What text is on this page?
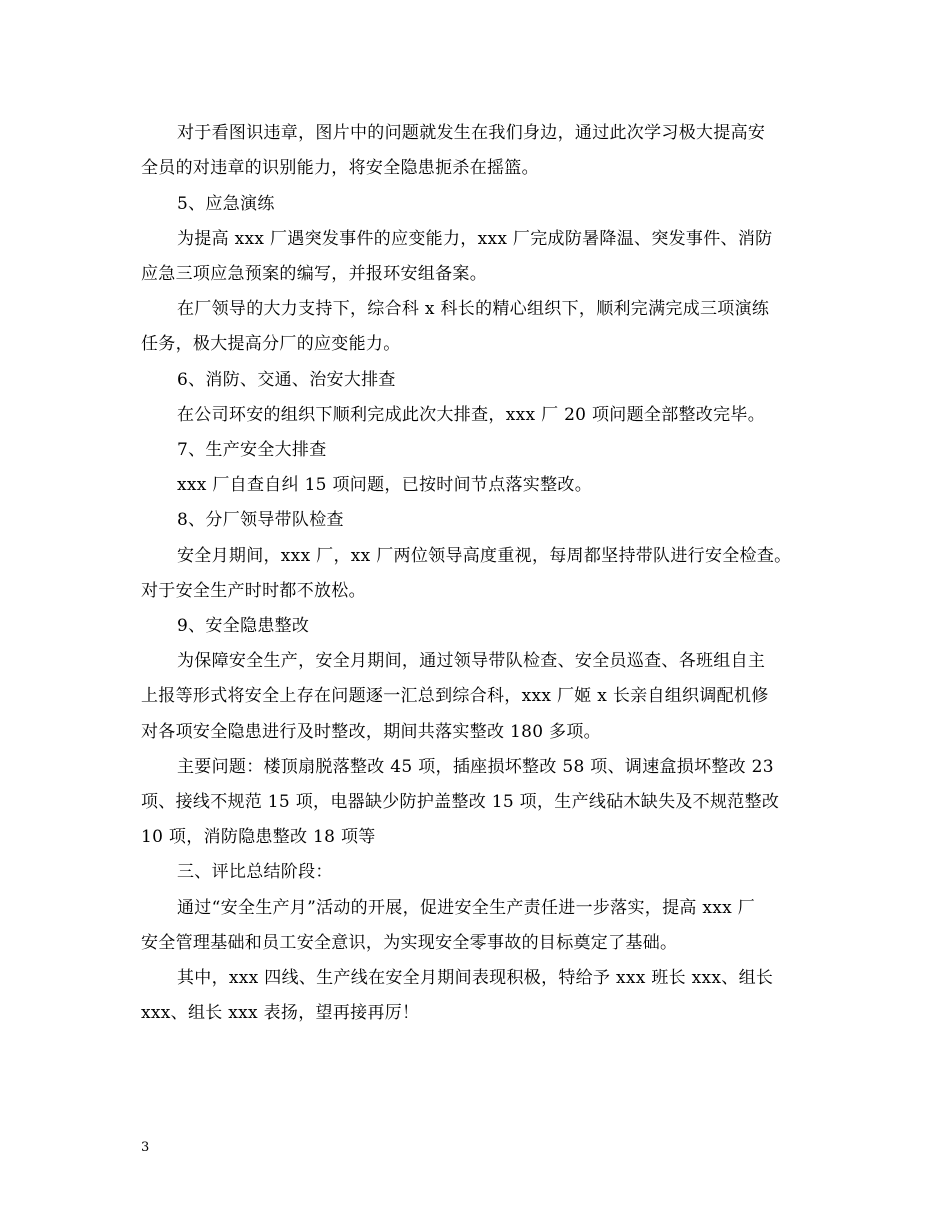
对于看图识违章，图片中的问题就发生在我们身边，通过此次学习极大提高安
全员的对违章的识别能力，将安全隐患扼杀在摇篮。
5、应急演练
为提高 xxx 厂遇突发事件的应变能力，xxx 厂完成防暑降温、突发事件、消防
应急三项应急预案的编写，并报环安组备案。
在厂领导的大力支持下，综合科 x 科长的精心组织下，顺利完满完成三项演练
任务，极大提高分厂的应变能力。
6、消防、交通、治安大排查
在公司环安的组织下顺利完成此次大排查，xxx 厂 20 项问题全部整改完毕。
7、生产安全大排查
xxx 厂自查自纠 15 项问题，已按时间节点落实整改。
8、分厂领导带队检查
安全月期间，xxx 厂，xx 厂两位领导高度重视，每周都坚持带队进行安全检查。
对于安全生产时时都不放松。
9、安全隐患整改
为保障安全生产，安全月期间，通过领导带队检查、安全员巡查、各班组自主
上报等形式将安全上存在问题逐一汇总到综合科，xxx 厂姬 x 长亲自组织调配机修
对各项安全隐患进行及时整改，期间共落实整改 180 多项。
主要问题：楼顶扇脱落整改 45 项，插座损坏整改 58 项、调速盒损坏整改 23
项、接线不规范 15 项，电器缺少防护盖整改 15 项，生产线砧木缺失及不规范整改
10 项，消防隐患整改 18 项等
三、评比总结阶段：
通过“安全生产月”活动的开展，促进安全生产责任进一步落实，提高 xxx 厂
安全管理基础和员工安全意识，为实现安全零事故的目标奠定了基础。
其中，xxx 四线、生产线在安全月期间表现积极，特给予 xxx 班长 xxx、组长
xxx、组长 xxx 表扬，望再接再厉！
3
